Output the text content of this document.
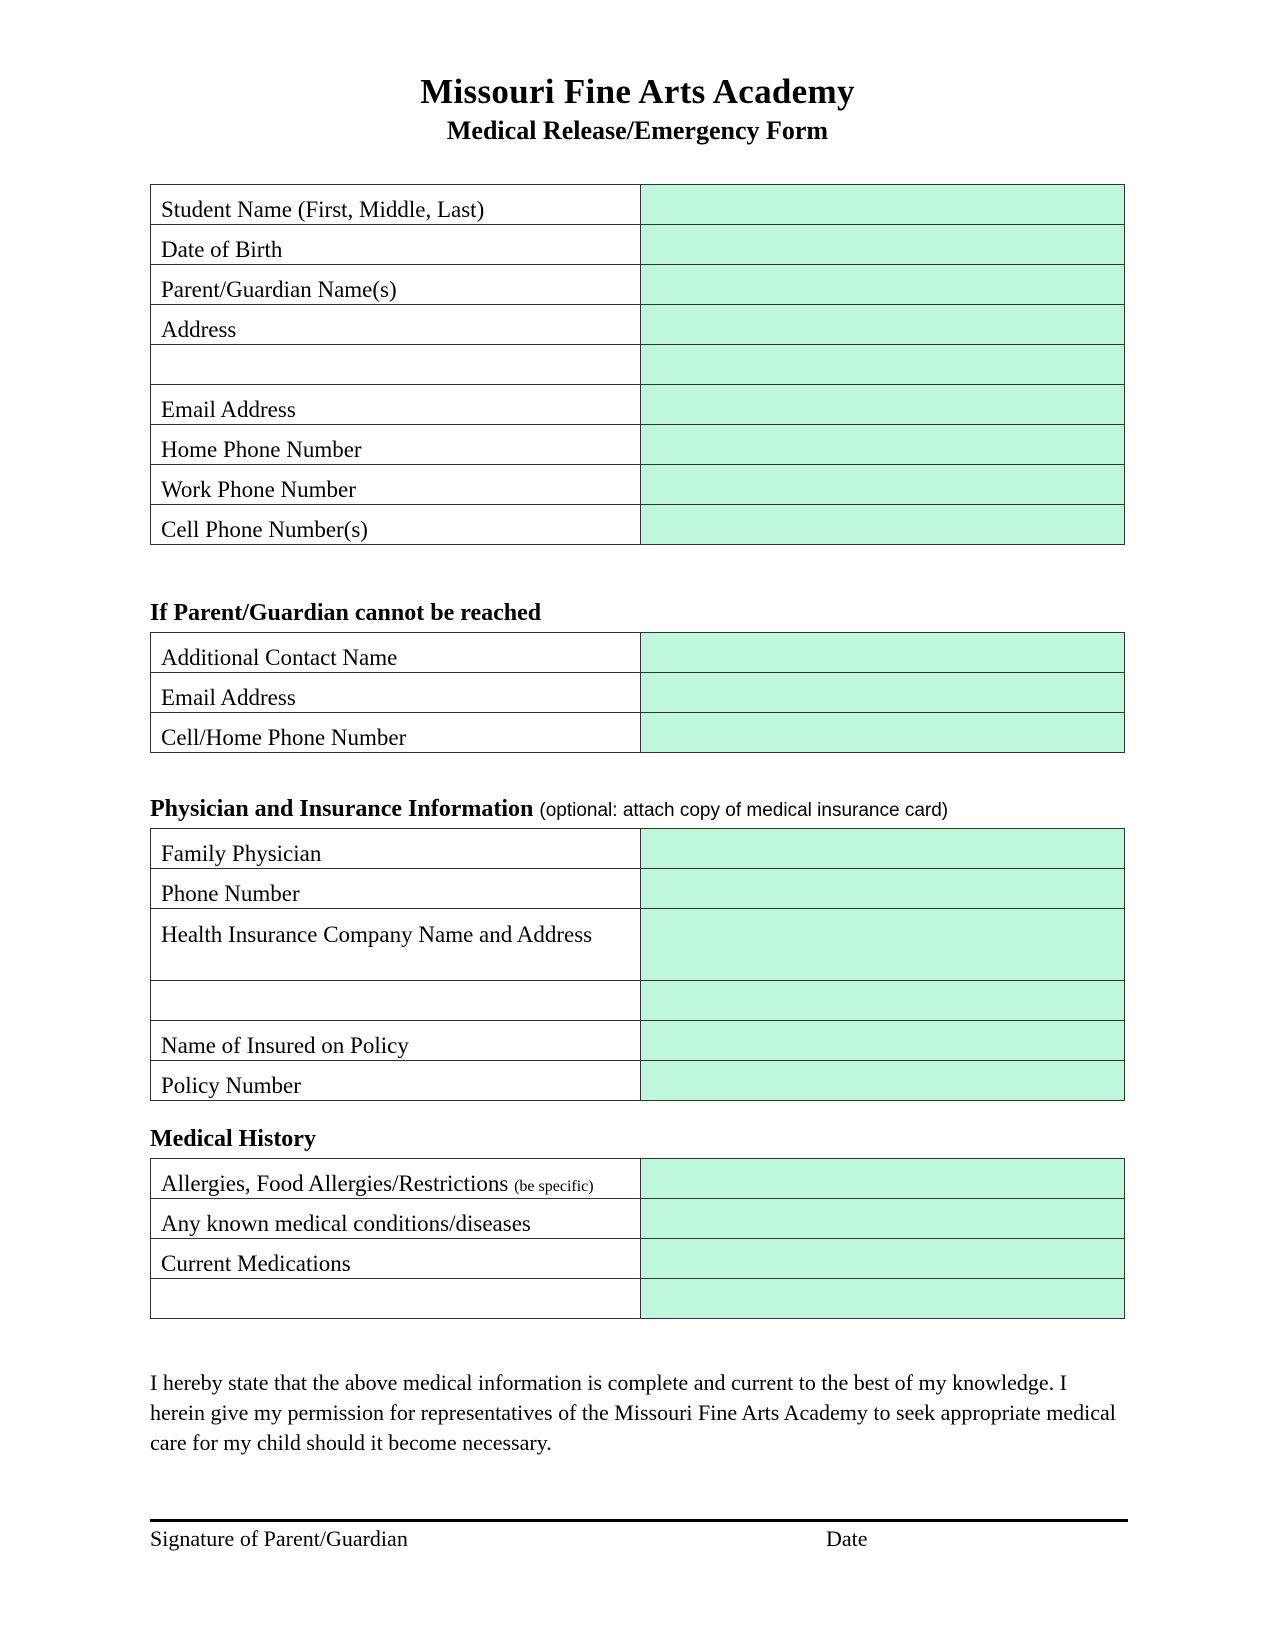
Missouri Fine Arts Academy
Medical Release/Emergency Form
Student Name (First, Middle, Last)	
Date of Birth	
Parent/Guardian Name(s)	
Address	

Email Address	
Home Phone Number	
Work Phone Number	
Cell Phone Number(s)	
If Parent/Guardian cannot be reached
Additional Contact Name	
Email Address	
Cell/Home Phone Number	
Physician and Insurance Information (optional: attach copy of medical insurance card)
Family Physician	
Phone Number	
Health Insurance Company Name and Address	

Name of Insured on Policy	
Policy Number	
Medical History
Allergies, Food Allergies/Restrictions (be specific)	
Any known medical conditions/diseases	
Current Medications	

I hereby state that the above medical information is complete and current to the best of my knowledge. I herein give my permission for representatives of the Missouri Fine Arts Academy to seek appropriate medical care for my child should it become necessary.
Signature of Parent/Guardian	Date
